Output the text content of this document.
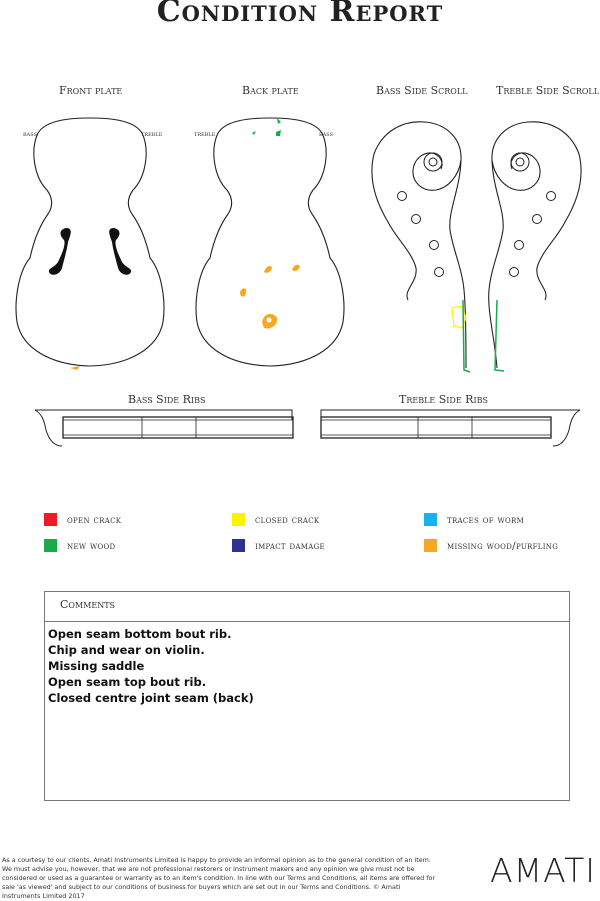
Condition Report
Front plate	Back plate	Bass Side Scroll	Treble Side Scroll
Bass Side Ribs	Treble Side Ribs
bass	treble	treble	bass
open crack	closed crack	traces of worm
new wood	impact damage	missing wood/purfling
Comments
Open seam bottom bout rib.
Chip and wear on violin.
Missing saddle
Open seam top bout rib.
Closed centre joint seam (back)
As a courtesy to our clients, Amati Instruments Limited is happy to provide an informal opinion as to the general condition of an item. We must advise you, however, that we are not professional restorers or instrument makers and any opinion we give must not be considered or used as a guarantee or warranty as to an item's condition. In line with our Terms and Conditions, all items are offered for sale 'as viewed' and subject to our conditions of business for buyers which are set out in our Terms and Conditions. © Amati Instruments Limited 2017
AMATI
